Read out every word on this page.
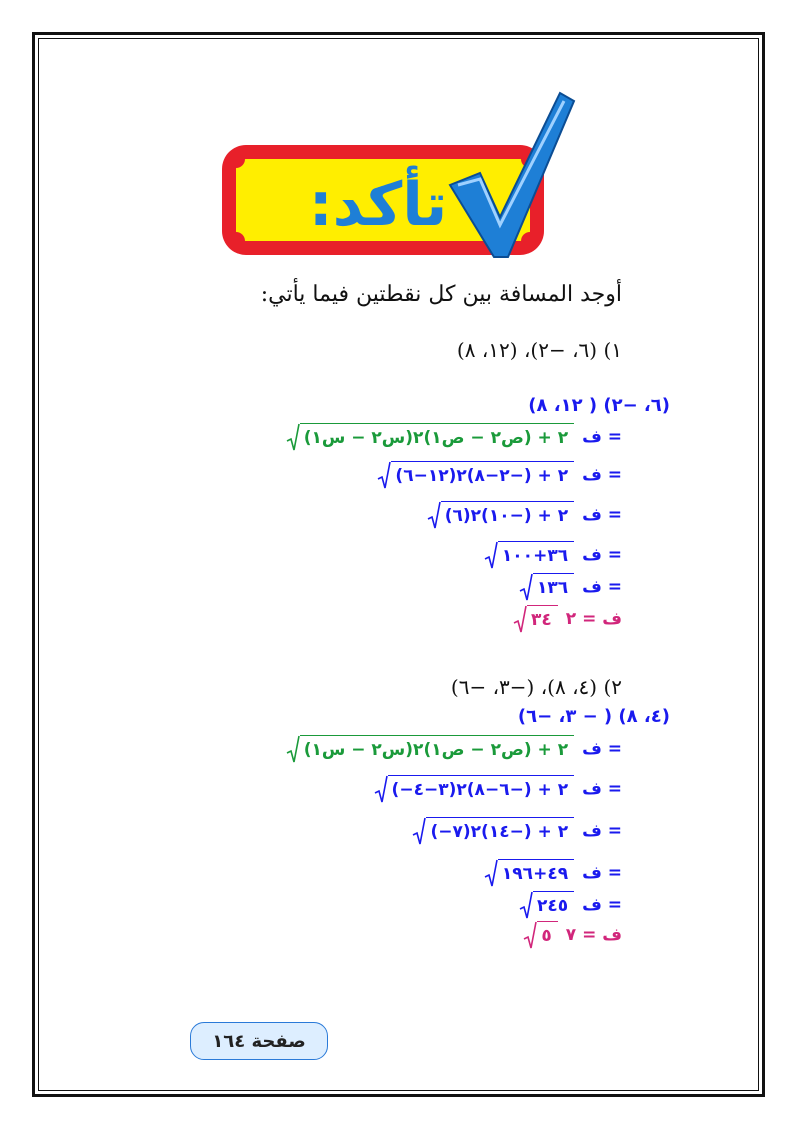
تأكد:
أوجد المسافة بين كل نقطتين فيما يأتي:
١) (٦، −٢)، (١٢، ٨)
(٦، −٢) ( ١٢، ٨)
ف =
(س٢ − س١)٢ + (ص٢ − ص١)٢
ف =
(١٢−٦)٢ + (−٢−٨)٢
ف =
(٦)٢ + (−١٠)٢
ف =
٣٦+١٠٠
ف =
١٣٦
ف = ٢
٣٤
٢) (٤، ٨)، (−٣، −٦)
(٤، ٨) ( − ٣، −٦)
ف =
(س٢ − س١)٢ + (ص٢ − ص١)٢
ف =
(−٣−٤)٢ + (−٦−٨)٢
ف =
(−٧)٢ + (−١٤)٢
ف =
٤٩+١٩٦
ف =
٢٤٥
ف = ٧
٥
صفحة ١٦٤
